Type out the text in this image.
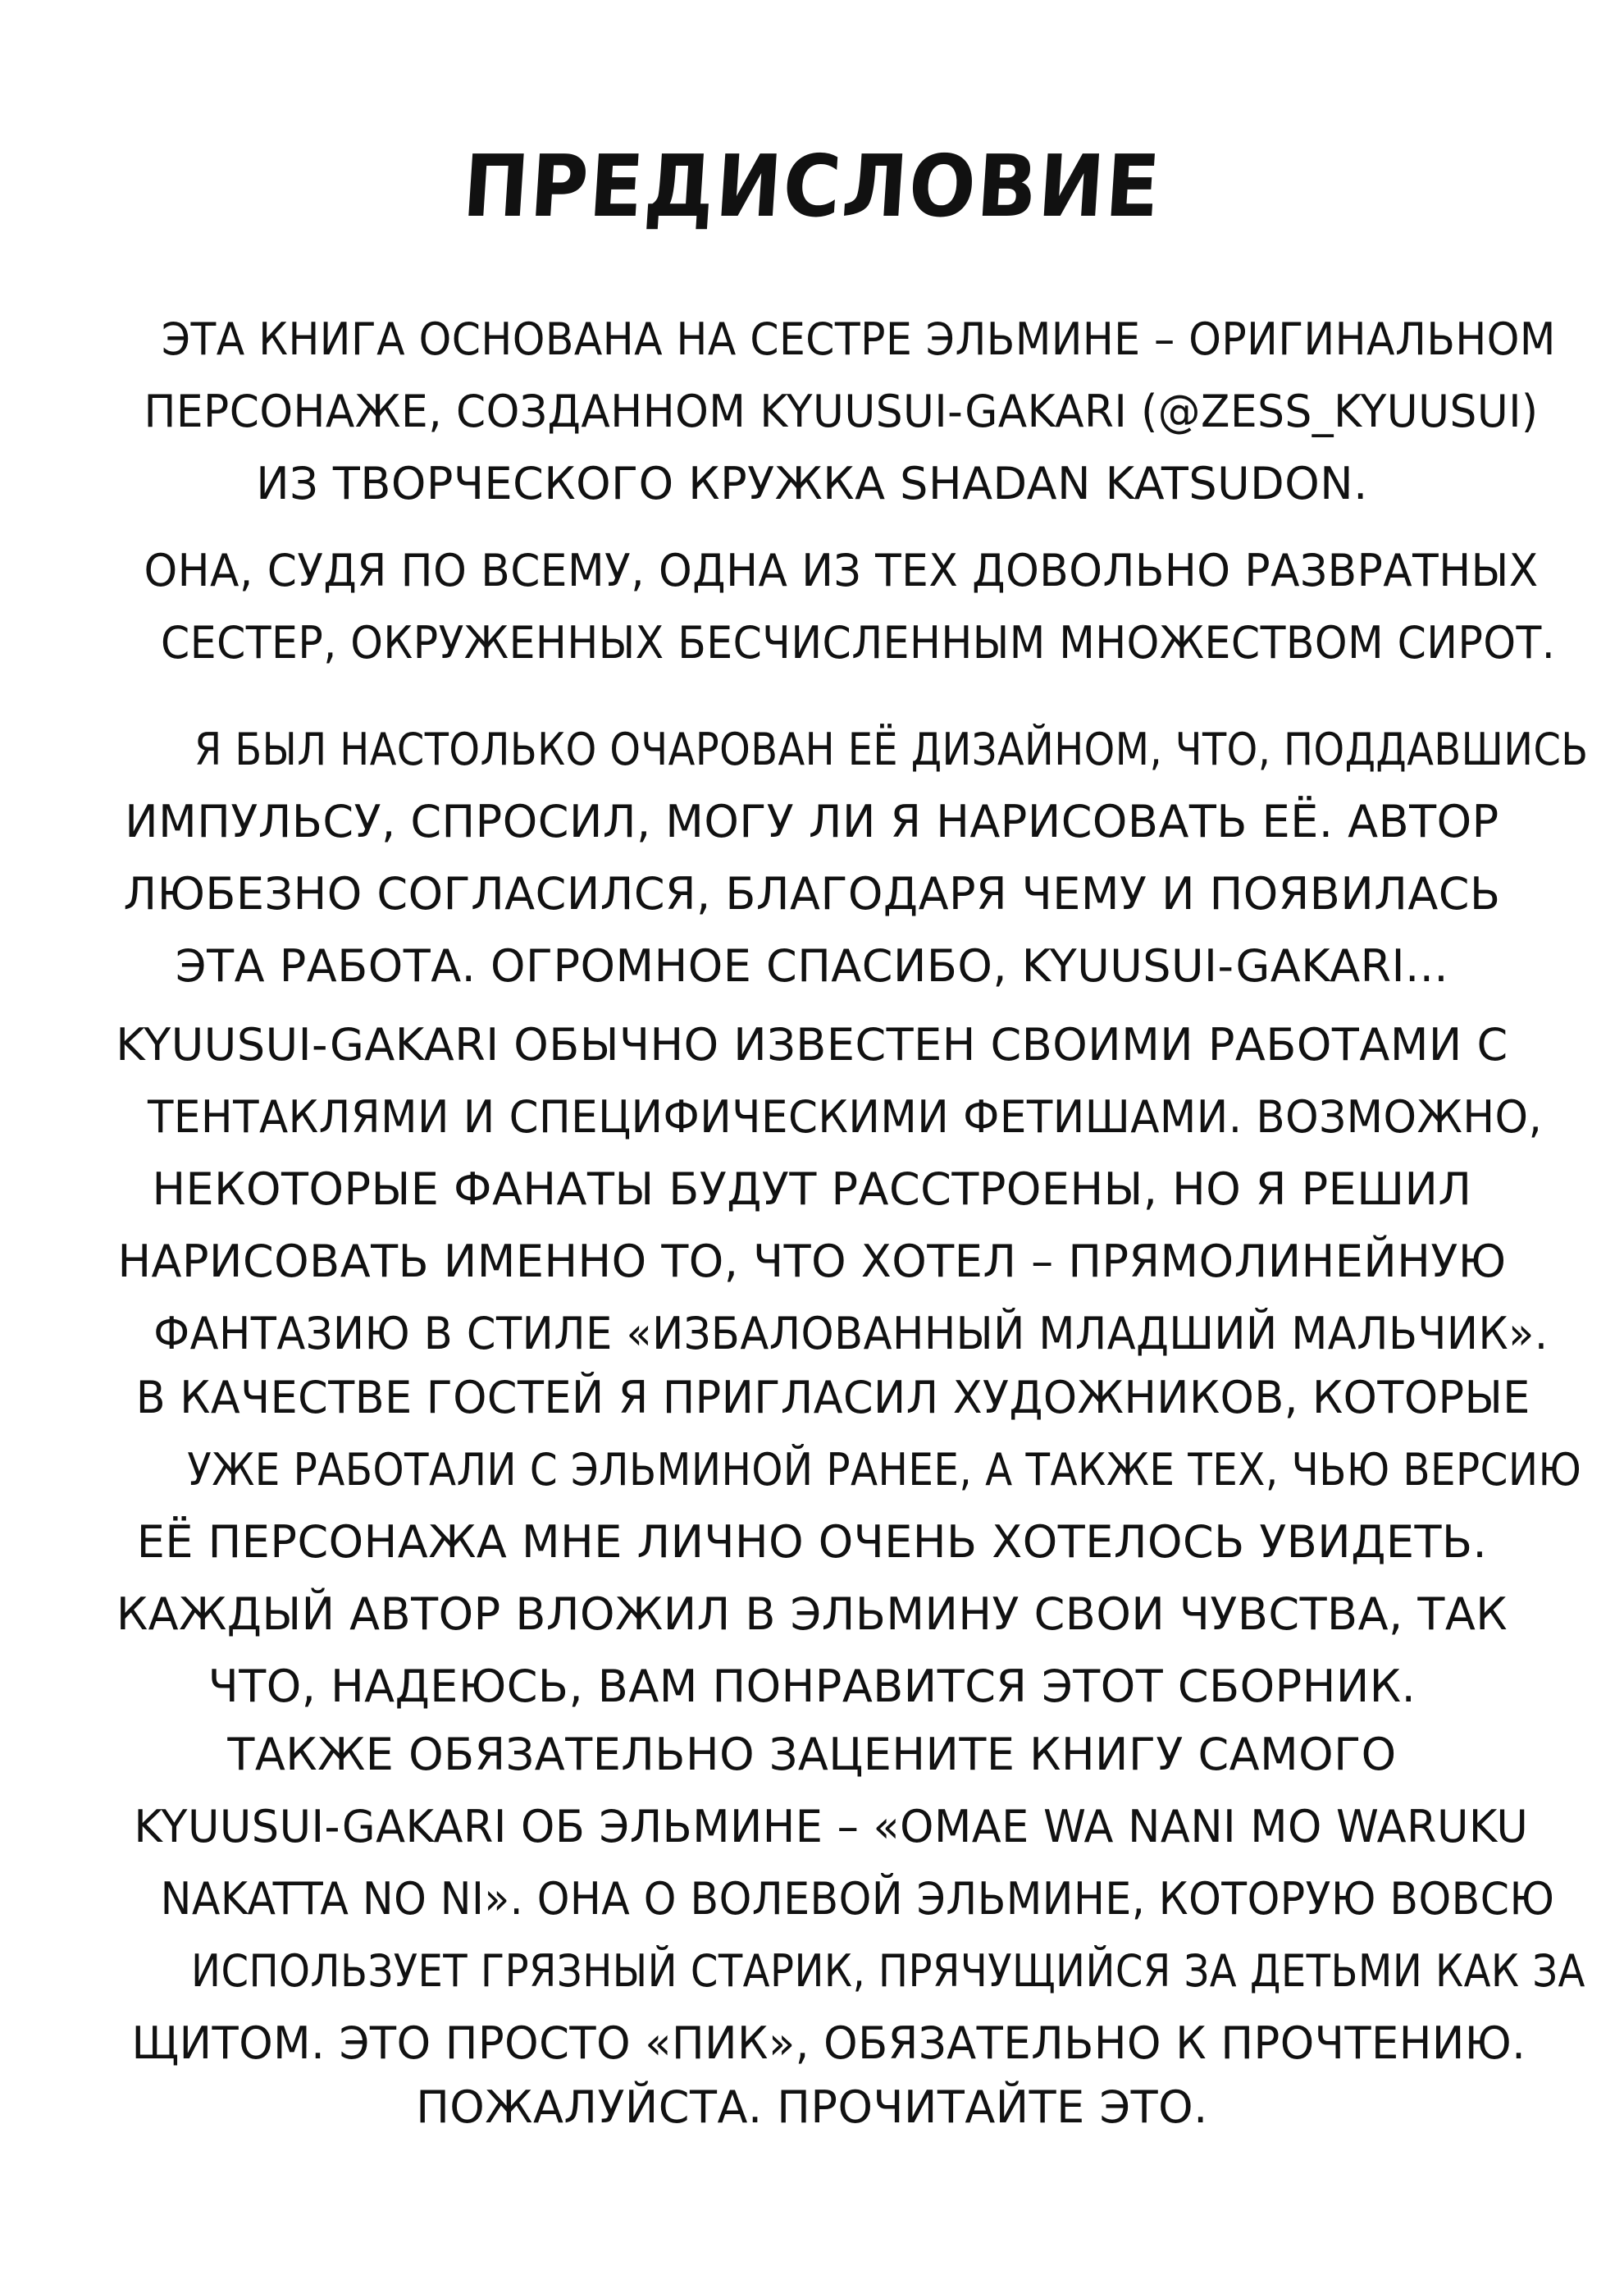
ПРЕДИСЛОВИЕ

ЭТА КНИГА ОСНОВАНА НА СЕСТРЕ ЭЛЬМИНЕ – ОРИГИНАЛЬНОМ
ПЕРСОНАЖЕ, СОЗДАННОМ KYUUSUI-GAKARI (@ZESS_KYUUSUI)
ИЗ ТВОРЧЕСКОГО КРУЖКА SHADAN KATSUDON.

ОНА, СУДЯ ПО ВСЕМУ, ОДНА ИЗ ТЕХ ДОВОЛЬНО РАЗВРАТНЫХ
СЕСТЕР, ОКРУЖЕННЫХ БЕСЧИСЛЕННЫМ МНОЖЕСТВОМ СИРОТ.

Я БЫЛ НАСТОЛЬКО ОЧАРОВАН ЕЁ ДИЗАЙНОМ, ЧТО, ПОДДАВШИСЬ
ИМПУЛЬСУ, СПРОСИЛ, МОГУ ЛИ Я НАРИСОВАТЬ ЕЁ. АВТОР
ЛЮБЕЗНО СОГЛАСИЛСЯ, БЛАГОДАРЯ ЧЕМУ И ПОЯВИЛАСЬ
ЭТА РАБОТА. ОГРОМНОЕ СПАСИБО, KYUUSUI-GAKARI...

KYUUSUI-GAKARI ОБЫЧНО ИЗВЕСТЕН СВОИМИ РАБОТАМИ С
ТЕНТАКЛЯМИ И СПЕЦИФИЧЕСКИМИ ФЕТИШАМИ. ВОЗМОЖНО,
НЕКОТОРЫЕ ФАНАТЫ БУДУТ РАССТРОЕНЫ, НО Я РЕШИЛ
НАРИСОВАТЬ ИМЕННО ТО, ЧТО ХОТЕЛ – ПРЯМОЛИНЕЙНУЮ
ФАНТАЗИЮ В СТИЛЕ «ИЗБАЛОВАННЫЙ МЛАДШИЙ МАЛЬЧИК».

В КАЧЕСТВЕ ГОСТЕЙ Я ПРИГЛАСИЛ ХУДОЖНИКОВ, КОТОРЫЕ
УЖЕ РАБОТАЛИ С ЭЛЬМИНОЙ РАНЕЕ, А ТАКЖЕ ТЕХ, ЧЬЮ ВЕРСИЮ
ЕЁ ПЕРСОНАЖА МНЕ ЛИЧНО ОЧЕНЬ ХОТЕЛОСЬ УВИДЕТЬ.
КАЖДЫЙ АВТОР ВЛОЖИЛ В ЭЛЬМИНУ СВОИ ЧУВСТВА, ТАК
ЧТО, НАДЕЮСЬ, ВАМ ПОНРАВИТСЯ ЭТОТ СБОРНИК.

ТАКЖЕ ОБЯЗАТЕЛЬНО ЗАЦЕНИТЕ КНИГУ САМОГО
KYUUSUI-GAKARI ОБ ЭЛЬМИНЕ – «OMAE WA NANI MO WARUKU
NAKATTA NO NI». ОНА О ВОЛЕВОЙ ЭЛЬМИНЕ, КОТОРУЮ ВОВСЮ
ИСПОЛЬЗУЕТ ГРЯЗНЫЙ СТАРИК, ПРЯЧУЩИЙСЯ ЗА ДЕТЬМИ КАК ЗА
ЩИТОМ. ЭТО ПРОСТО «ПИК», ОБЯЗАТЕЛЬНО К ПРОЧТЕНИЮ.

ПОЖАЛУЙСТА. ПРОЧИТАЙТЕ ЭТО.
